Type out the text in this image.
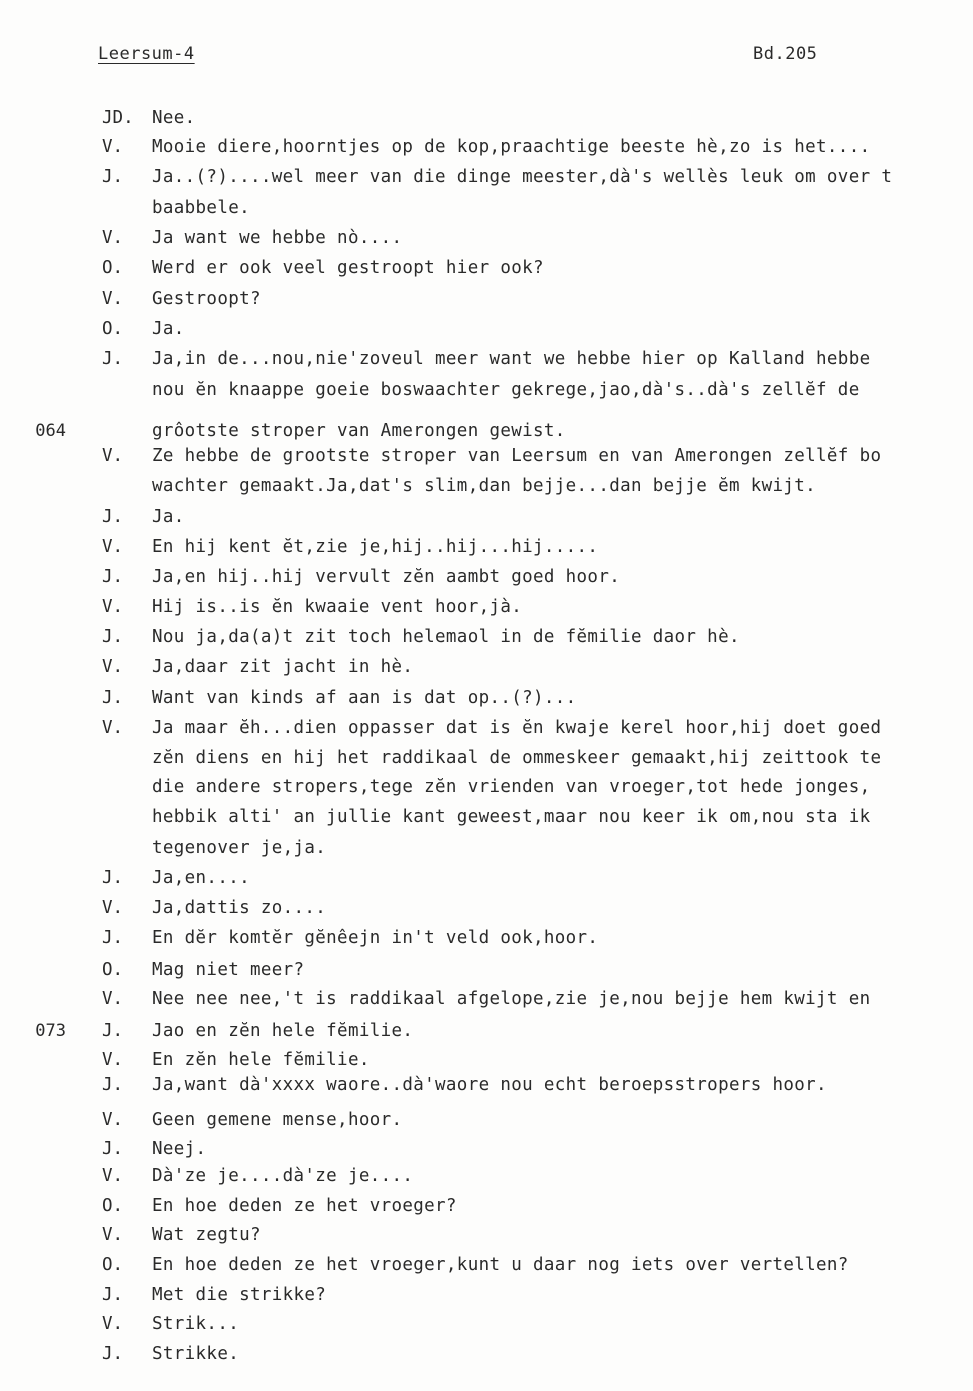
Leersum-4	Bd.205
JD.	Nee.
V.	Mooie diere,hoorntjes op de kop,praachtige beeste hè,zo is het....
J.	Ja..(?)....wel meer van die dinge meester,dà's wellès leuk om over t
baabbele.
V.	Ja want we hebbe nò....
O.	Werd er ook veel gestroopt hier ook?
V.	Gestroopt?
O.	Ja.
J.	Ja,in de...nou,nie'zoveul meer want we hebbe hier op Kalland hebbe
nou ĕn knaappe goeie boswaachter gekrege,jao,dà's..dà's zellĕf de
064	grôotste stroper van Amerongen gewist.
V.	Ze hebbe de grootste stroper van Leersum en van Amerongen zellĕf bo
wachter gemaakt.Ja,dat's slim,dan bejje...dan bejje ĕm kwijt.
J.	Ja.
V.	En hij kent ĕt,zie je,hij..hij...hij.....
J.	Ja,en hij..hij vervult zĕn aambt goed hoor.
V.	Hij is..is ĕn kwaaie vent hoor,jà.
J.	Nou ja,da(a)t zit toch helemaol in de fĕmilie daor hè.
V.	Ja,daar zit jacht in hè.
J.	Want van kinds af aan is dat op..(?)...
V.	Ja maar ĕh...dien oppasser dat is ĕn kwaje kerel hoor,hij doet goed
zĕn diens en hij het raddikaal de ommeskeer gemaakt,hij zeittook te
die andere stropers,tege zĕn vrienden van vroeger,tot hede jonges,
hebbik alti' an jullie kant geweest,maar nou keer ik om,nou sta ik
tegenover je,ja.
J.	Ja,en....
V.	Ja,dattis zo....
J.	En dĕr komtĕr gĕnêejn in't veld ook,hoor.
O.	Mag niet meer?
V.	Nee nee nee,'t is raddikaal afgelope,zie je,nou bejje hem kwijt en
073 J.	Jao en zĕn hele fĕmilie.
V.	En zĕn hele fĕmilie.
J.	Ja,want dà'xxxx waore..dà'waore nou echt beroepsstropers hoor.
V.	Geen gemene mense,hoor.
J.	Neej.
V.	Dà'ze je....dà'ze je....
O.	En hoe deden ze het vroeger?
V.	Wat zegtu?
O.	En hoe deden ze het vroeger,kunt u daar nog iets over vertellen?
J.	Met die strikke?
V.	Strik...
J.	Strikke.
